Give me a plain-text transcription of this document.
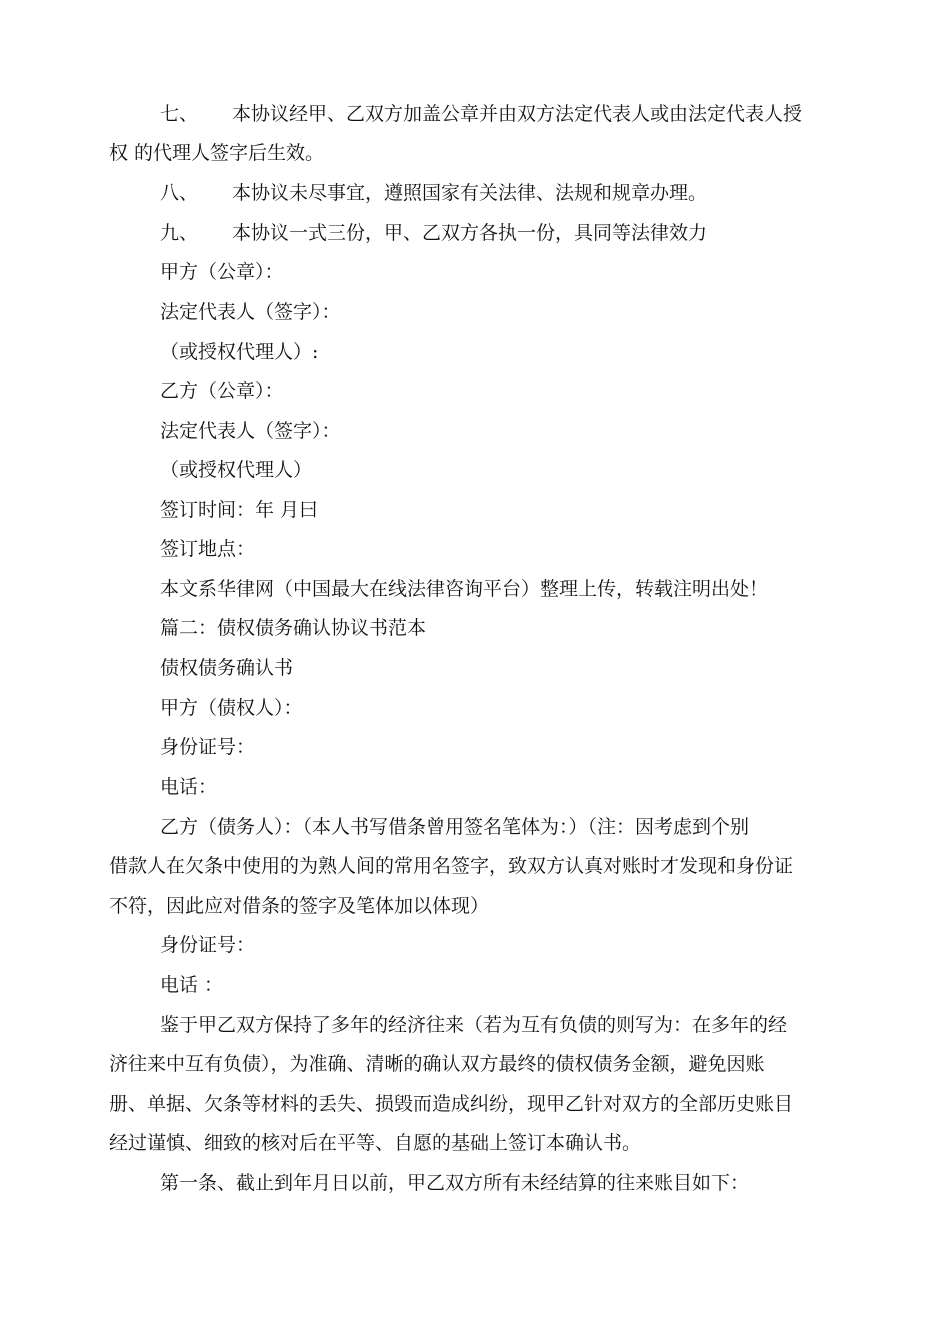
七、 本协议经甲、乙双方加盖公章并由双方法定代表人或由法定代表人授
权 的代理人签字后生效。
八、 本协议未尽事宜，遵照国家有关法律、法规和规章办理。
九、 本协议一式三份，甲、乙双方各执一份，具同等法律效力
甲方（公章）：
法定代表人（签字）：
（或授权代理人）:
乙方（公章）：
法定代表人（签字）：
（或授权代理人）
签订时间：年 月曰
签订地点：
本文系华律网（中国最大在线法律咨询平台）整理上传，转载注明出处！
篇二：债权债务确认协议书范本
债权债务确认书
甲方（债权人）：
身份证号：
电话：
乙方（债务人）：（本人书写借条曾用签名笔体为：）（注：因考虑到个别
借款人在欠条中使用的为熟人间的常用名签字，致双方认真对账时才发现和身份证
不符，因此应对借条的签字及笔体加以体现）
身份证号：
电话 ：
鉴于甲乙双方保持了多年的经济往来（若为互有负债的则写为：在多年的经
济往来中互有负债），为准确、清晰的确认双方最终的债权债务金额，避免因账
册、单据、欠条等材料的丢失、损毁而造成纠纷，现甲乙针对双方的全部历史账目
经过谨慎、细致的核对后在平等、自愿的基础上签订本确认书。
第一条、截止到年月日以前，甲乙双方所有未经结算的往来账目如下：
